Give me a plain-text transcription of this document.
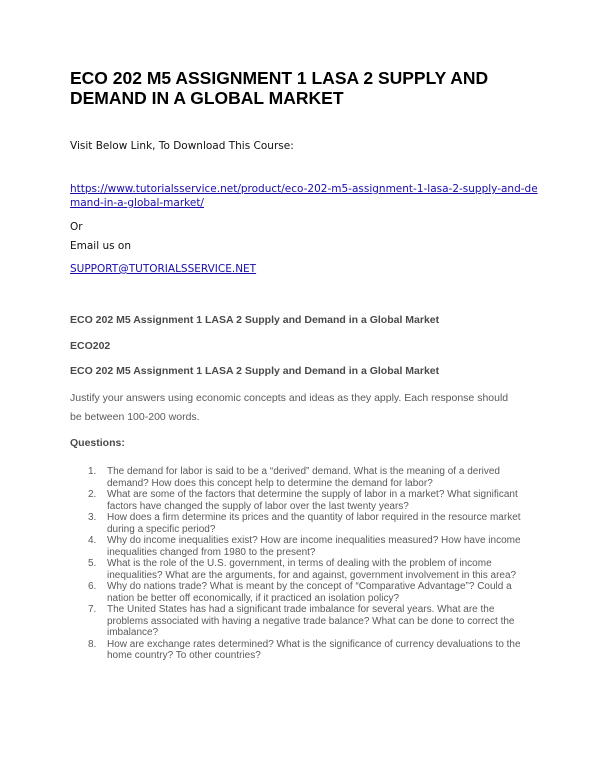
ECO 202 M5 ASSIGNMENT 1 LASA 2 SUPPLY AND DEMAND IN A GLOBAL MARKET

Visit Below Link, To Download This Course:

https://www.tutorialsservice.net/product/eco-202-m5-assignment-1-lasa-2-supply-and-demand-in-a-global-market/

Or

Email us on

SUPPORT@TUTORIALSSERVICE.NET

ECO 202 M5 Assignment 1 LASA 2 Supply and Demand in a Global Market

ECO202

ECO 202 M5 Assignment 1 LASA 2 Supply and Demand in a Global Market

Justify your answers using economic concepts and ideas as they apply. Each response should be between 100-200 words.

Questions:

1. The demand for labor is said to be a “derived” demand. What is the meaning of a derived demand? How does this concept help to determine the demand for labor?
2. What are some of the factors that determine the supply of labor in a market? What significant factors have changed the supply of labor over the last twenty years?
3. How does a firm determine its prices and the quantity of labor required in the resource market during a specific period?
4. Why do income inequalities exist? How are income inequalities measured? How have income inequalities changed from 1980 to the present?
5. What is the role of the U.S. government, in terms of dealing with the problem of income inequalities? What are the arguments, for and against, government involvement in this area?
6. Why do nations trade? What is meant by the concept of “Comparative Advantage”? Could a nation be better off economically, if it practiced an isolation policy?
7. The United States has had a significant trade imbalance for several years. What are the problems associated with having a negative trade balance? What can be done to correct the imbalance?
8. How are exchange rates determined? What is the significance of currency devaluations to the home country? To other countries?
